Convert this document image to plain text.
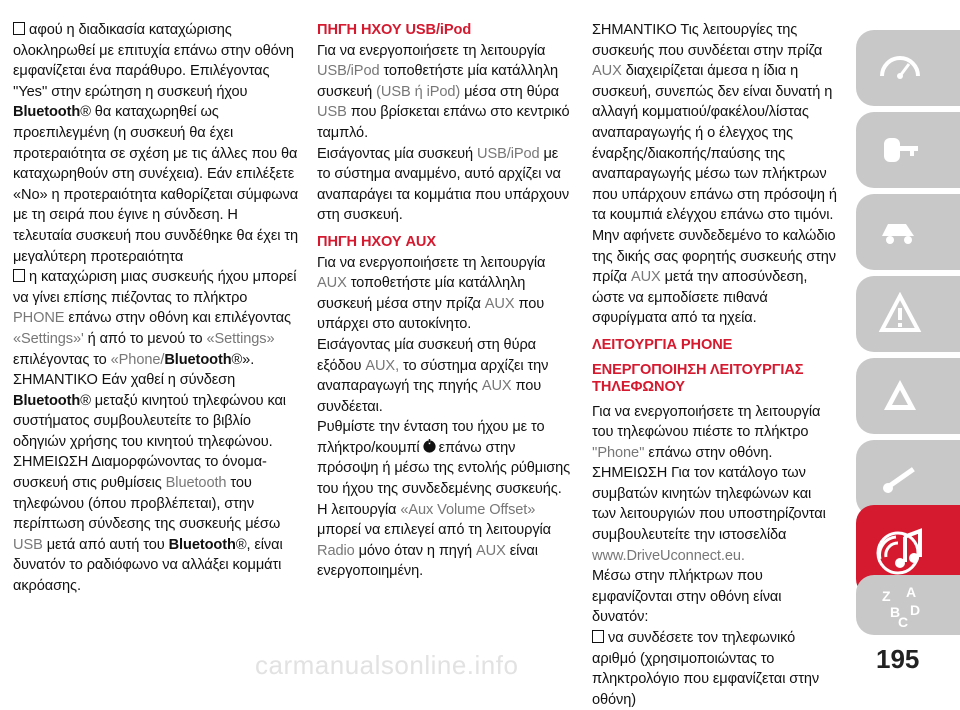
αφού η διαδικασία καταχώρισης ολοκληρωθεί με επιτυχία επάνω στην οθόνη εμφανίζεται ένα παράθυρο. Επιλέγοντας ''Yes'' στην ερώτηση η συσκευή ήχου Bluetooth® θα καταχωρηθεί ως προεπιλεγμένη (η συσκευή θα έχει προτεραιότητα σε σχέση με τις άλλες που θα καταχωρηθούν στη συνέχεια). Εάν επιλέξετε «No» η προτεραιότητα καθορίζεται σύμφωνα με τη σειρά που έγινε η σύνδεση. Η τελευταία συσκευή που συνδέθηκε θα έχει τη μεγαλύτερη προτεραιότητα

η καταχώριση μιας συσκευής ήχου μπορεί να γίνει επίσης πιέζοντας το πλήκτρο PHONE επάνω στην οθόνη και επιλέγοντας «Settings»' ή από το μενού το «Settings» επιλέγοντας το «Phone/Bluetooth®».

ΣΗΜΑΝΤΙΚΟ Εάν χαθεί η σύνδεση Bluetooth® μεταξύ κινητού τηλεφώνου και συστήματος συμβουλευτείτε το βιβλίο οδηγιών χρήσης του κινητού τηλεφώνου.

ΣΗΜΕΙΩΣΗ Διαμορφώνοντας το όνομα-συσκευή στις ρυθμίσεις Bluetooth του τηλεφώνου (όπου προβλέπεται), στην περίπτωση σύνδεσης της συσκευής μέσω USB μετά από αυτή του Bluetooth®, είναι δυνατόν το ραδιόφωνο να αλλάξει κομμάτι ακρόασης.

ΠΗΓΗ ΗΧΟΥ USB/iPod

Για να ενεργοποιήσετε τη λειτουργία USB/iPod τοποθετήστε μία κατάλληλη συσκευή (USB ή iPod) μέσα στη θύρα USB που βρίσκεται επάνω στο κεντρικό ταμπλό.

Εισάγοντας μία συσκευή USB/iPod με το σύστημα αναμμένο, αυτό αρχίζει να αναπαράγει τα κομμάτια που υπάρχουν στη συσκευή.

ΠΗΓΗ ΗΧΟΥ AUX

Για να ενεργοποιήσετε τη λειτουργία AUX τοποθετήστε μία κατάλληλη συσκευή μέσα στην πρίζα AUX που υπάρχει στο αυτοκίνητο.

Εισάγοντας μία συσκευή στη θύρα εξόδου AUX, το σύστημα αρχίζει την αναπαραγωγή της πηγής AUX που συνδέεται.

Ρυθμίστε την ένταση του ήχου με το πλήκτρο/κουμπί επάνω στην πρόσοψη ή μέσω της εντολής ρύθμισης του ήχου της συνδεδεμένης συσκευής.

Η λειτουργία «Aux Volume Offset» μπορεί να επιλεγεί από τη λειτουργία Radio μόνο όταν η πηγή AUX είναι ενεργοποιημένη.

ΣΗΜΑΝΤΙΚΟ Τις λειτουργίες της συσκευής που συνδέεται στην πρίζα AUX διαχειρίζεται άμεσα η ίδια η συσκευή, συνεπώς δεν είναι δυνατή η αλλαγή κομματιού/φακέλου/λίστας αναπαραγωγής ή ο έλεγχος της έναρξης/διακοπής/παύσης της αναπαραγωγής μέσω των πλήκτρων που υπάρχουν επάνω στη πρόσοψη ή τα κουμπιά ελέγχου επάνω στο τιμόνι. Μην αφήνετε συνδεδεμένο το καλώδιο της δικής σας φορητής συσκευής στην πρίζα AUX μετά την αποσύνδεση, ώστε να εμποδίσετε πιθανά σφυρίγματα από τα ηχεία.

ΛΕΙΤΟΥΡΓΙΑ PHONE

ΕΝΕΡΓΟΠΟΙΗΣΗ ΛΕΙΤΟΥΡΓΙΑΣ ΤΗΛΕΦΩΝΟΥ

Για να ενεργοποιήσετε τη λειτουργία του τηλεφώνου πιέστε το πλήκτρο ''Phone'' επάνω στην οθόνη.

ΣΗΜΕΙΩΣΗ Για τον κατάλογο των συμβατών κινητών τηλεφώνων και των λειτουργιών που υποστηρίζονται συμβουλευτείτε την ιστοσελίδα www.DriveUconnect.eu.

Μέσω στην πλήκτρων που εμφανίζονται στην οθόνη είναι δυνατόν:

να συνδέσετε τον τηλεφωνικό αριθμό (χρησιμοποιώντας το πληκτρολόγιο που εμφανίζεται στην οθόνη)

Z A
B D
C
carmanualsonline.info	195
